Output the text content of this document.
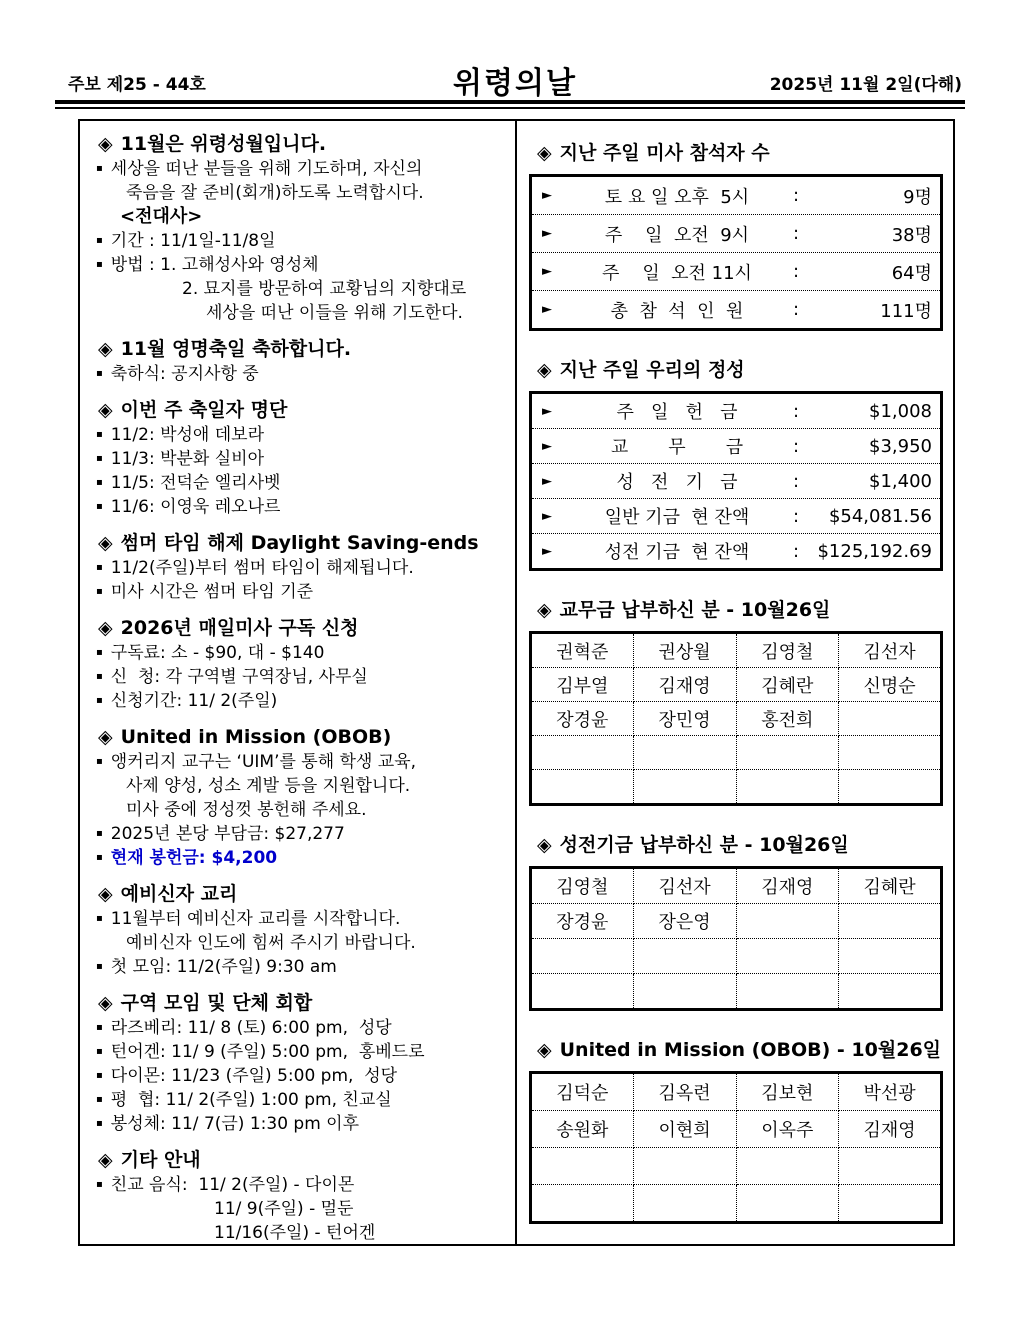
주보 제25 - 44호	위령의날	2025년 11월 2일(다해)
◈ 11월은 위령성월입니다.
▪ 세상을 떠난 분들을 위해 기도하며, 자신의
죽음을 잘 준비(회개)하도록 노력합시다.
<전대사>
▪ 기간 : 11/1일-11/8일
▪ 방법 : 1. 고해성사와 영성체
2. 묘지를 방문하여 교황님의 지향대로
세상을 떠난 이들을 위해 기도한다.
◈ 11월 영명축일 축하합니다.
▪ 축하식: 공지사항 중
◈ 이번 주 축일자 명단
▪ 11/2: 박성애 데보라
▪ 11/3: 박분화 실비아
▪ 11/5: 전덕순 엘리사벳
▪ 11/6: 이영욱 레오나르
◈ 썸머 타임 해제 Daylight Saving-ends
▪ 11/2(주일)부터 썸머 타임이 해제됩니다.
▪ 미사 시간은 썸머 타임 기준
◈ 2026년 매일미사 구독 신청
▪ 구독료: 소 - $90, 대 - $140
▪ 신  청: 각 구역별 구역장님, 사무실
▪ 신청기간: 11/ 2(주일)
◈ United in Mission (OBOB)
▪ 앵커리지 교구는 ‘UIM’를 통해 학생 교육,
사제 양성, 성소 계발 등을 지원합니다.
미사 중에 정성껏 봉헌해 주세요.
▪ 2025년 본당 부담금: $27,277
▪ 현재 봉헌금: $4,200
◈ 예비신자 교리
▪ 11월부터 예비신자 교리를 시작합니다.
예비신자 인도에 힘써 주시기 바랍니다.
▪ 첫 모임: 11/2(주일) 9:30 am
◈ 구역 모임 및 단체 회합
▪ 라즈베리: 11/ 8 (토) 6:00 pm,  성당
▪ 턴어겐: 11/ 9 (주일) 5:00 pm,  홍베드로
▪ 다이몬: 11/23 (주일) 5:00 pm,  성당
▪ 평  협: 11/ 2(주일) 1:00 pm, 친교실
▪ 봉성체: 11/ 7(금) 1:30 pm 이후
◈ 기타 안내
▪ 친교 음식:  11/ 2(주일) - 다이몬
11/ 9(주일) - 멀둔
11/16(주일) - 턴어겐
◈ 지난 주일 미사 참석자 수
►	토 요 일 오후  5시	:	9명
►	주    일  오전  9시	:	38명
►	주    일  오전 11시	:	64명
►	총  참  석  인  원	:	111명
◈ 지난 주일 우리의 정성
►	주   일   헌   금	:	$1,008
►	교       무       금	:	$3,950
►	성   전   기   금	:	$1,400
►	일반 기금  현 잔액	:	$54,081.56
►	성전 기금  현 잔액	:	$125,192.69
◈ 교무금 납부하신 분 - 10월26일
권혁준	권상월	김영철	김선자
김부열	김재영	김혜란	신명순
장경윤	장민영	홍전희	

◈ 성전기금 납부하신 분 - 10월26일
김영철	김선자	김재영	김혜란
장경윤	장은영		

◈ United in Mission (OBOB) - 10월26일
김덕순	김옥련	김보현	박선광
송원화	이현희	이옥주	김재영
